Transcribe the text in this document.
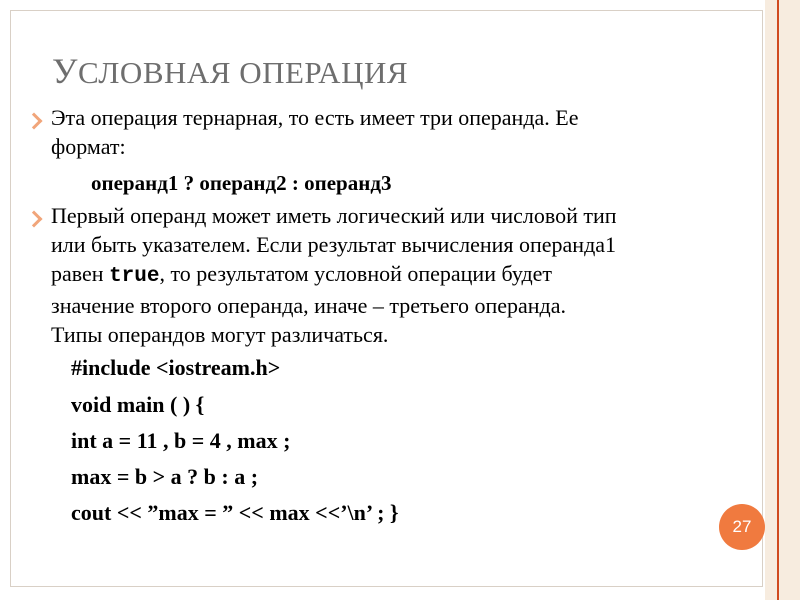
УСЛОВНАЯ ОПЕРАЦИЯ
Эта операция тернарная, то есть имеет три операнда. Ее
формат:
операнд1 ? операнд2 : операнд3
Первый операнд может иметь логический или числовой тип
или быть указателем. Если результат вычисления операнда1
равен true, то результатом условной операции будет
значение второго операнда, иначе – третьего операнда.
Типы операндов могут различаться.
#include <iostream.h>
void main ( ) {
int a = 11 , b = 4 , max ;
max = b > a ? b : a ;
cout << ”max = ” << max <<’\n’ ; }
27
